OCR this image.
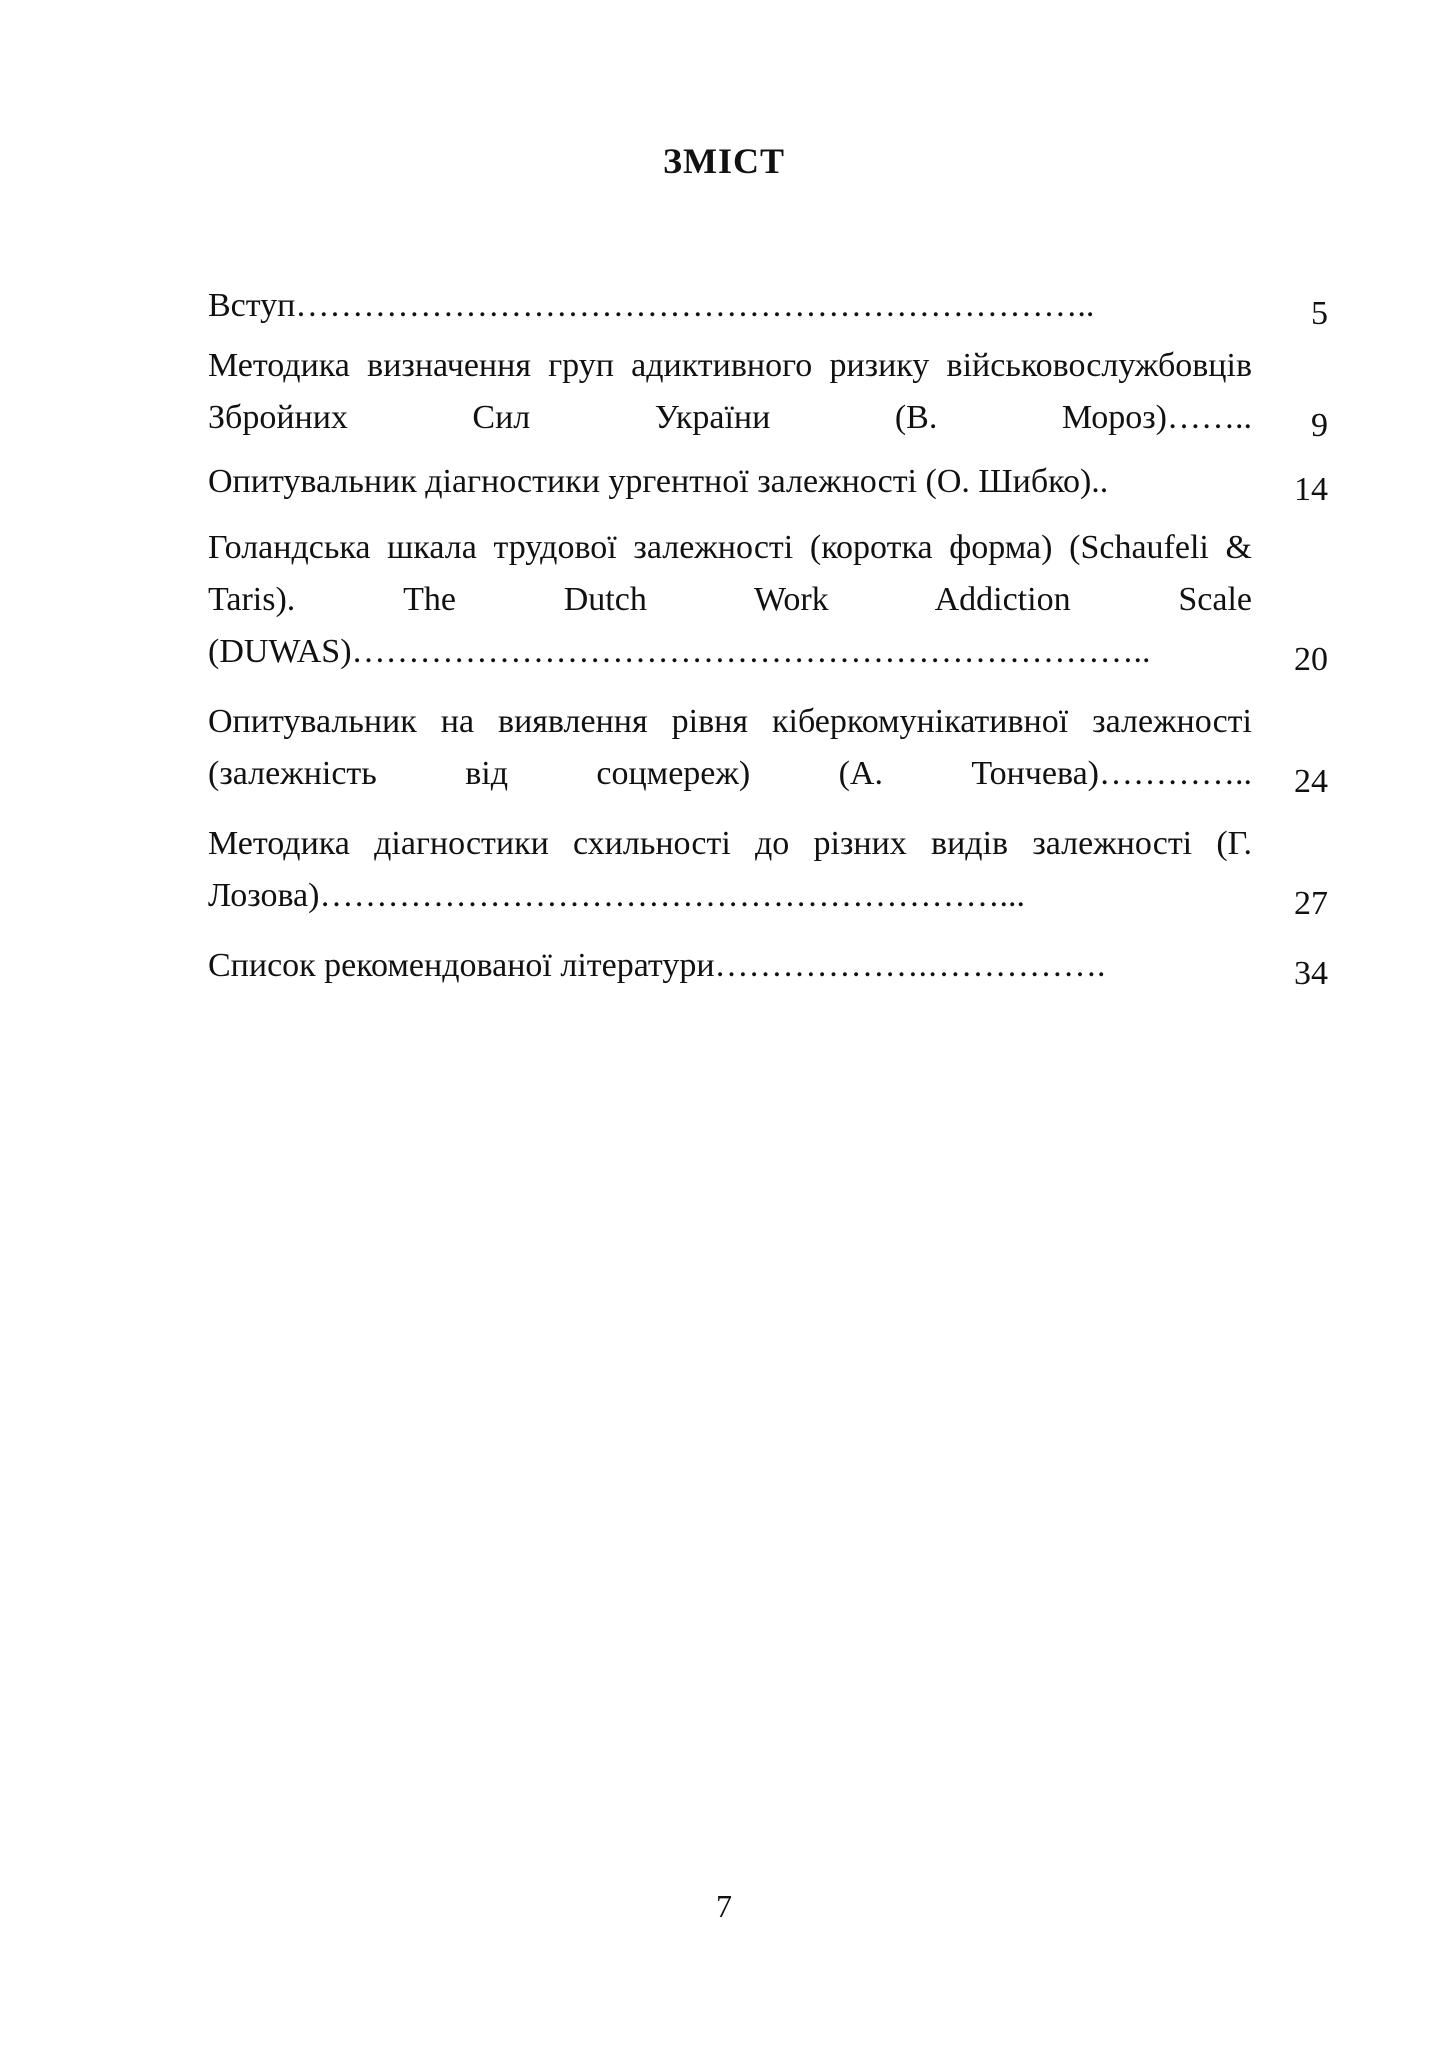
ЗМІСТ
Вступ……………………………………………………………..	5
Методика визначення груп адиктивного ризику військовослужбовців Збройних Сил України (В. Мороз)……..	9
Опитувальник діагностики ургентної залежності (О. Шибко)..	14
Голандська шкала трудової залежності (коротка форма) (Schaufeli & Taris). The Dutch Work Addiction Scale (DUWAS)……………………………………………………………..	20
Опитувальник на виявлення рівня кіберкомунікативної залежності (залежність від соцмереж) (А. Тончева)…………..	24
Методика діагностики схильності до різних видів залежності (Г. Лозова)……………………………………………………...	27
Список рекомендованої літератури……………….…………….	34
7
